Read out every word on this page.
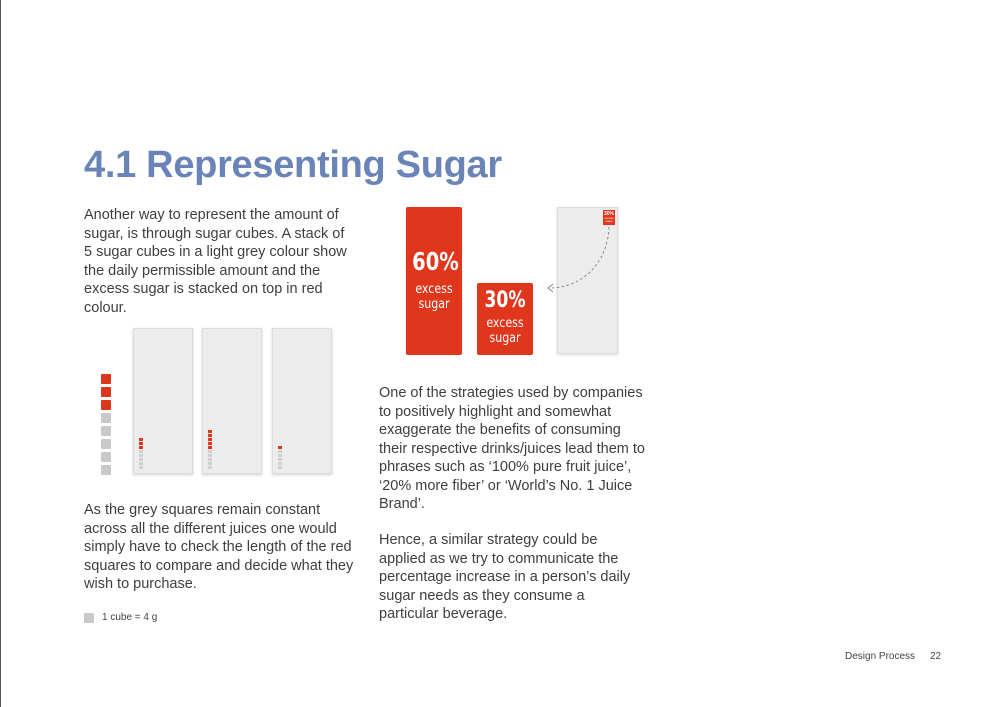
4.1 Representing Sugar

Another way to represent the amount of sugar, is through sugar cubes. A stack of 5 sugar cubes in a light grey colour show the daily permissible amount and the excess sugar is stacked on top in red colour.

As the grey squares remain constant across all the different juices one would simply have to check the length of the red squares to compare and decide what they wish to purchase.

1 cube = 4 g
60%
excess
sugar	30%
excess
sugar
30%
excess sugar

One of the strategies used by companies to positively highlight and somewhat exaggerate the benefits of consuming their respective drinks/juices lead them to phrases such as ‘100% pure fruit juice’, ‘20% more fiber’ or ‘World’s No. 1 Juice Brand’.

Hence, a similar strategy could be applied as we try to communicate the percentage increase in a person’s daily sugar needs as they consume a particular beverage.

Design Process 22
